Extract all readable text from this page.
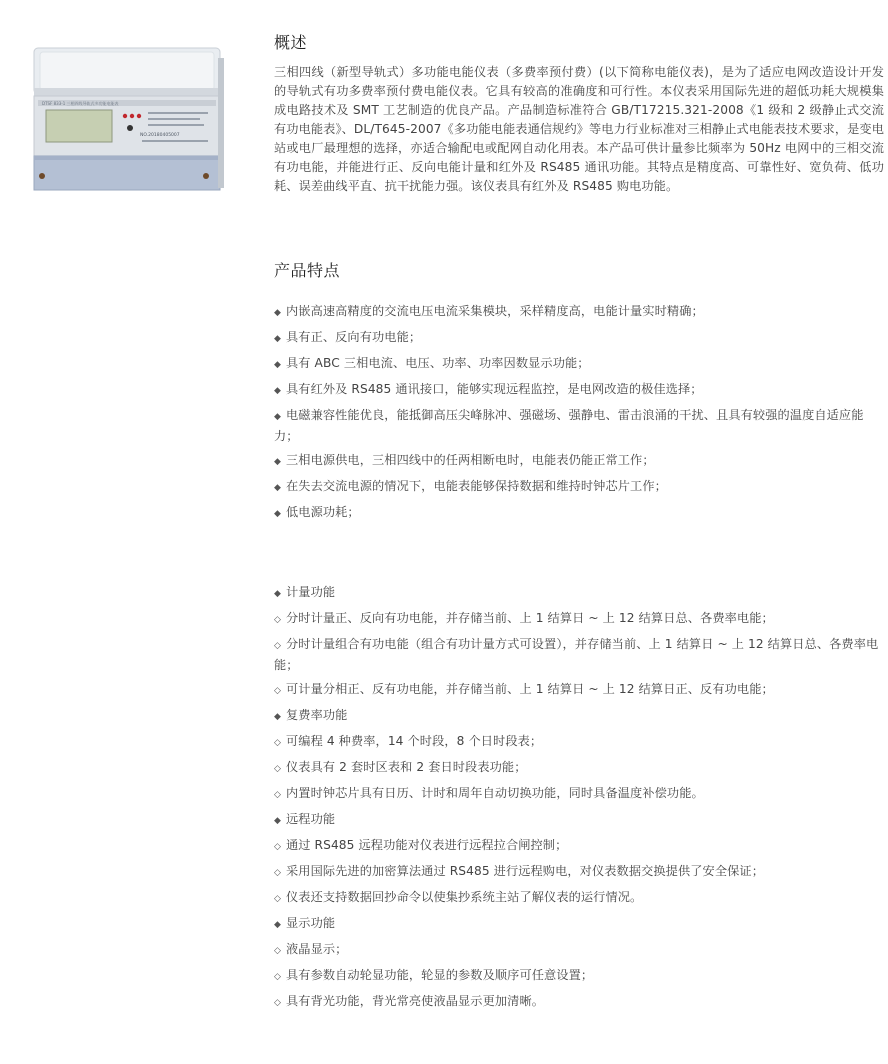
DTSF 833-1 三相四线导轨式多功能电能表
NO.20180405007
概述

三相四线（新型导轨式）多功能电能仪表（多费率预付费）(以下简称电能仪表)，是为了适应电网改造设计开发的导轨式有功多费率预付费电能仪表。它具有较高的准确度和可行性。本仪表采用国际先进的超低功耗大规模集成电路技术及 SMT 工艺制造的优良产品。产品制造标准符合 GB/T17215.321-2008《1 级和 2 级静止式交流有功电能表》、DL/T645-2007《多功能电能表通信规约》等电力行业标准对三相静止式电能表技术要求，是变电站或电厂最理想的选择，亦适合输配电或配网自动化用表。本产品可供计量参比频率为 50Hz 电网中的三相交流有功电能，并能进行正、反向电能计量和红外及 RS485 通讯功能。其特点是精度高、可靠性好、宽负荷、低功耗、误差曲线平直、抗干扰能力强。该仪表具有红外及 RS485 购电功能。

产品特点
◆ 内嵌高速高精度的交流电压电流采集模块，采样精度高，电能计量实时精确；
◆ 具有正、反向有功电能；
◆ 具有 ABC 三相电流、电压、功率、功率因数显示功能；
◆ 具有红外及 RS485 通讯接口，能够实现远程监控，是电网改造的极佳选择；
◆ 电磁兼容性能优良，能抵御高压尖峰脉冲、强磁场、强静电、雷击浪涌的干扰、且具有较强的温度自适应能力；
◆ 三相电源供电，三相四线中的任两相断电时，电能表仍能正常工作；
◆ 在失去交流电源的情况下，电能表能够保持数据和维持时钟芯片工作；
◆ 低电源功耗；
◆ 计量功能
◇ 分时计量正、反向有功电能，并存储当前、上 1 结算日 ~ 上 12 结算日总、各费率电能；
◇ 分时计量组合有功电能（组合有功计量方式可设置），并存储当前、上 1 结算日 ~ 上 12 结算日总、各费率电能；
◇ 可计量分相正、反有功电能，并存储当前、上 1 结算日 ~ 上 12 结算日正、反有功电能；
◆ 复费率功能
◇ 可编程 4 种费率，14 个时段，8 个日时段表；
◇ 仪表具有 2 套时区表和 2 套日时段表功能；
◇ 内置时钟芯片具有日历、计时和周年自动切换功能，同时具备温度补偿功能。
◆ 远程功能
◇ 通过 RS485 远程功能对仪表进行远程拉合闸控制；
◇ 采用国际先进的加密算法通过 RS485 进行远程购电，对仪表数据交换提供了安全保证；
◇ 仪表还支持数据回抄命令以使集抄系统主站了解仪表的运行情况。
◆ 显示功能
◇ 液晶显示；
◇ 具有参数自动轮显功能，轮显的参数及顺序可任意设置；
◇ 具有背光功能，背光常亮使液晶显示更加清晰。
